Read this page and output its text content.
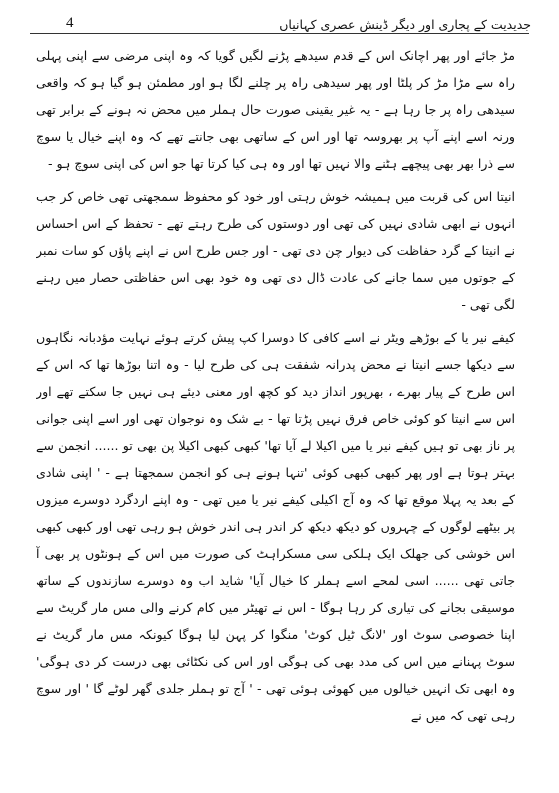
جدیدیت کے پجاری اور دیگر ڈینش عصری کہانیاں
4

مڑ جائے اور پھر اچانک اس کے قدم سیدھے پڑنے لگیں گویا کہ وہ اپنی مرضی سے اپنی پہلی راہ سے مڑا مڑ کر پلٹا اور پھر سیدھی راہ پر چلنے لگا ہو اور مطمئن ہو گیا ہو کہ واقعی سیدھی راہ پر جا رہا ہے - یہ غیر یقینی صورت حال ہملر میں محض نہ ہونے کے برابر تھی ورنہ اسے اپنے آپ پر بھروسہ تھا اور اس کے ساتھی بھی جانتے تھے کہ وہ اپنے خیال یا سوچ سے ذرا بھر بھی پیچھے ہٹنے والا نہیں تھا اور وہ ہی کیا کرتا تھا جو اس کی اپنی سوچ ہو -

انیتا اس کی قربت میں ہمیشہ خوش رہتی اور خود کو محفوظ سمجھتی تھی خاص کر جب انہوں نے ابھی شادی نہیں کی تھی اور دوستوں کی طرح رہتے تھے - تحفظ کے اس احساس نے انیتا کے گرد حفاظت کی دیوار چن دی تھی - اور جس طرح اس نے اپنے پاؤں کو سات نمبر کے جوتوں میں سما جانے کی عادت ڈال دی تھی وہ خود بھی اس حفاظتی حصار میں رہنے لگی تھی -

کیفے نیر یا کے بوڑھے ویٹر نے اسے کافی کا دوسرا کپ پیش کرتے ہوئے نہایت مؤدبانہ نگاہوں سے دیکھا جسے انیتا نے محض پدرانہ شفقت ہی کی طرح لیا - وہ اتنا بوڑھا تھا کہ اس کے اس طرح کے پیار بھرے ، بھرپور انداز دید کو کچھ اور معنی دیئے ہی نہیں جا سکتے تھے اور اس سے انیتا کو کوئی خاص فرق نہیں پڑتا تھا - بے شک وہ نوجوان تھی اور اسے اپنی جوانی پر ناز بھی تو ہیں کیفے نیر یا میں اکیلا لے آیا تھا' کبھی کبھی اکیلا پن بھی تو ...... انجمن سے بہتر ہوتا ہے اور پھر کبھی کبھی کوئی 'تنہا ہونے ہی کو انجمن سمجھتا ہے - ' اپنی شادی کے بعد یہ پہلا موقع تھا کہ وہ آج اکیلی کیفے نیر یا میں تھی - وہ اپنے اردگرد دوسرے میزوں پر بیٹھے لوگوں کے چہروں کو دیکھ دیکھ کر اندر ہی اندر خوش ہو رہی تھی اور کبھی کبھی اس خوشی کی جھلک ایک ہلکی سی مسکراہٹ کی صورت میں اس کے ہونٹوں پر بھی آ جاتی تھی ...... اسی لمحے اسے ہملر کا خیال آیا' شاید اب وہ دوسرے سازندوں کے ساتھ موسیقی بجانے کی تیاری کر رہا ہوگا - اس نے تھیٹر میں کام کرنے والی مس مار گریٹ سے اپنا خصوصی سوٹ اور 'لانگ ٹیل کوٹ' منگوا کر پہن لیا ہوگا کیونکہ مس مار گریٹ نے سوٹ پہنانے میں اس کی مدد بھی کی ہوگی اور اس کی نکٹائی بھی درست کر دی ہوگی' وہ ابھی تک انہیں خیالوں میں کھوئی ہوئی تھی - ' آج تو ہملر جلدی گھر لوٹے گا ' اور سوچ رہی تھی کہ میں نے
